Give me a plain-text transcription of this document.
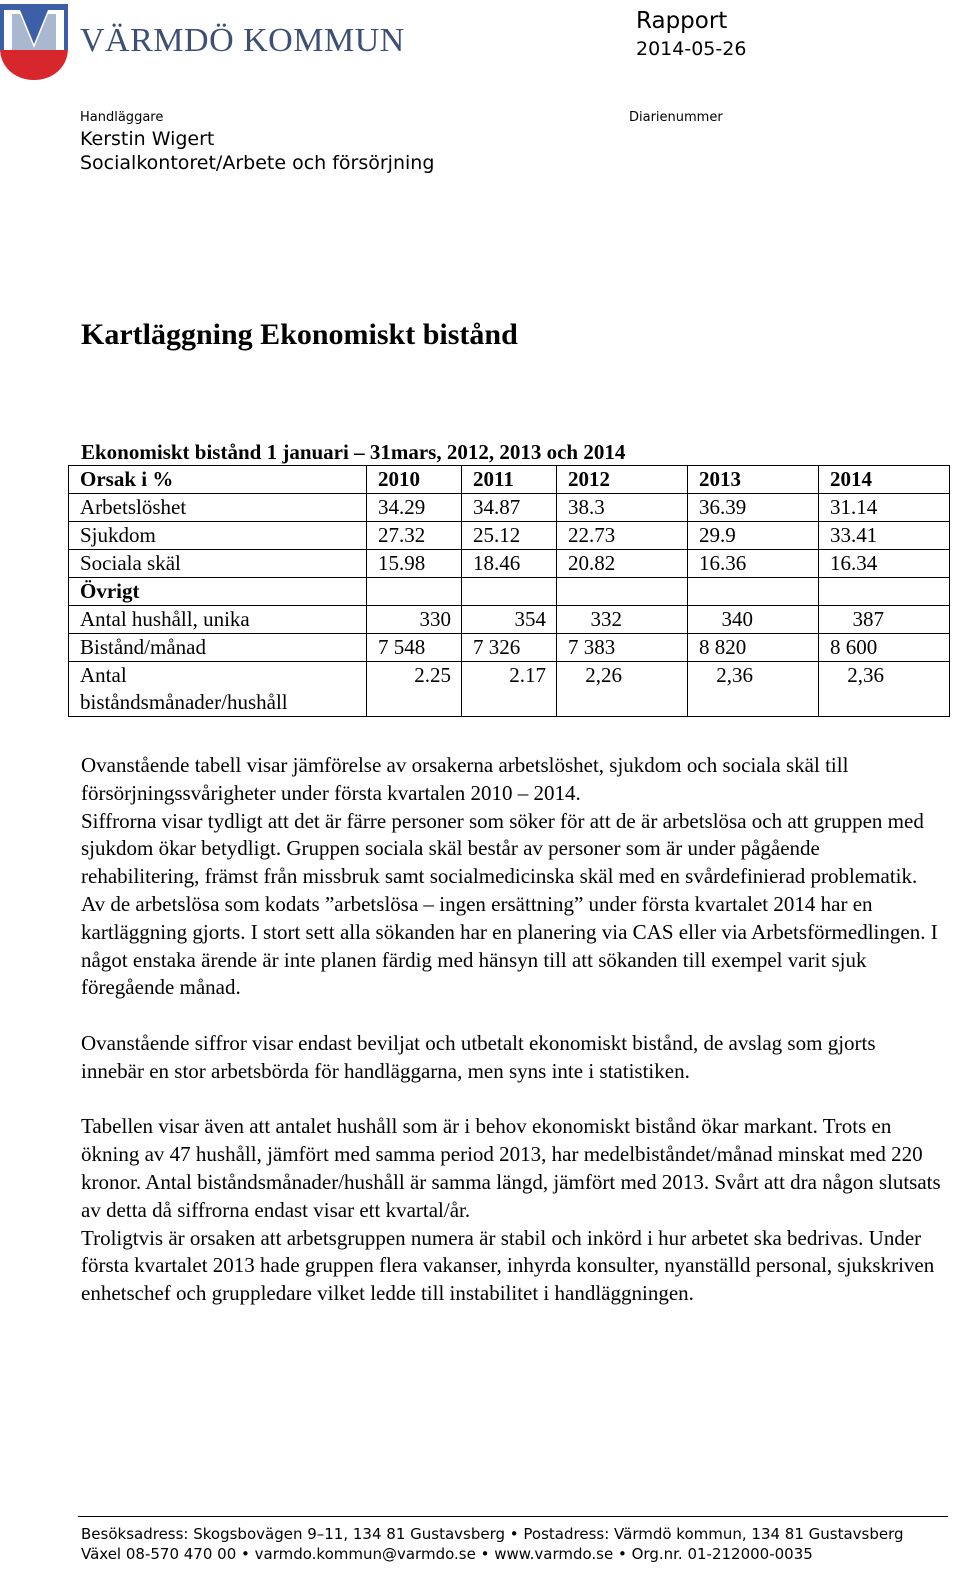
VÄRMDÖ KOMMUN
Rapport
2014-05-26
Handläggare
Kerstin Wigert
Socialkontoret/Arbete och försörjning
Diarienummer
Kartläggning Ekonomiskt bistånd
Ekonomiskt bistånd 1 januari – 31mars, 2012, 2013 och 2014
Orsak i %	2010	2011	2012	2013	2014
Arbetslöshet	34.29	34.87	38.3	36.39	31.14
Sjukdom	27.32	25.12	22.73	29.9	33.41
Sociala skäl	15.98	18.46	20.82	16.36	16.34
Övrigt					
Antal hushåll, unika	330	354	332	340	387
Bistånd/månad	7 548	7 326	7 383	8 820	8 600
Antal biståndsmånader/hushåll	2.25	2.17	2,26	2,36	2,36

Ovanstående tabell visar jämförelse av orsakerna arbetslöshet, sjukdom och sociala skäl till försörjningssvårigheter under första kvartalen 2010 – 2014.

Siffrorna visar tydligt att det är färre personer som söker för att de är arbetslösa och att gruppen med sjukdom ökar betydligt. Gruppen sociala skäl består av personer som är under pågående rehabilitering, främst från missbruk samt socialmedicinska skäl med en svårdefinierad problematik.

Av de arbetslösa som kodats ”arbetslösa – ingen ersättning” under första kvartalet 2014 har en kartläggning gjorts. I stort sett alla sökanden har en planering via CAS eller via Arbetsförmedlingen. I något enstaka ärende är inte planen färdig med hänsyn till att sökanden till exempel varit sjuk föregående månad.

Ovanstående siffror visar endast beviljat och utbetalt ekonomiskt bistånd, de avslag som gjorts innebär en stor arbetsbörda för handläggarna, men syns inte i statistiken.

Tabellen visar även att antalet hushåll som är i behov ekonomiskt bistånd ökar markant. Trots en ökning av 47 hushåll, jämfört med samma period 2013, har medelbiståndet/månad minskat med 220 kronor. Antal biståndsmånader/hushåll är samma längd, jämfört med 2013. Svårt att dra någon slutsats av detta då siffrorna endast visar ett kvartal/år.

Troligtvis är orsaken att arbetsgruppen numera är stabil och inkörd i hur arbetet ska bedrivas. Under första kvartalet 2013 hade gruppen flera vakanser, inhyrda konsulter, nyanställd personal, sjukskriven enhetschef och gruppledare vilket ledde till instabilitet i handläggningen.

Besöksadress: Skogsbovägen 9–11, 134 81 Gustavsberg • Postadress: Värmdö kommun, 134 81 Gustavsberg
Växel 08-570 470 00 • varmdo.kommun@varmdo.se • www.varmdo.se • Org.nr. 01-212000-0035
